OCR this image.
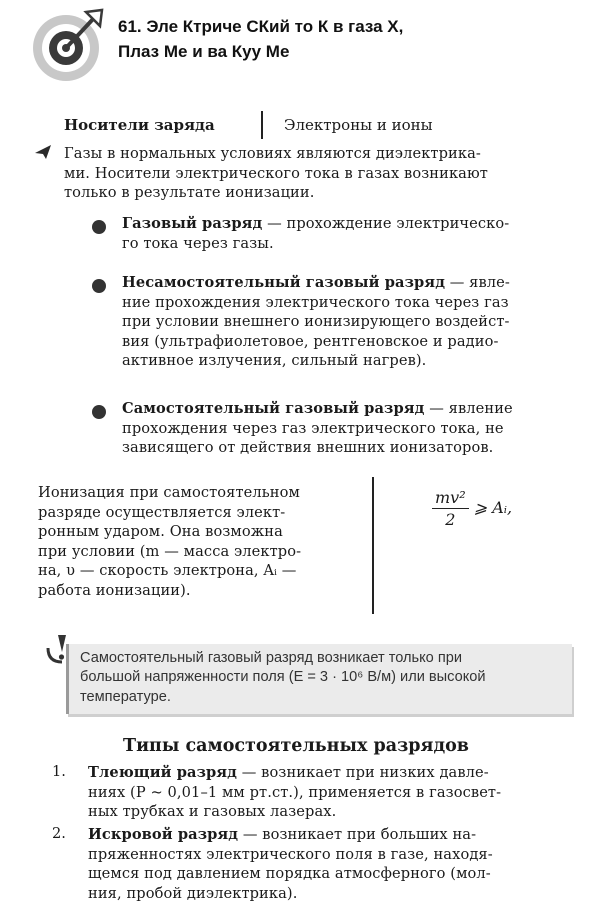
61. Эле Ктриче СКий то К в газа Х,
Плаз Ме и ва Куу Ме
Носители заряда	Электроны и ионы
Газы в нормальных условиях являются диэлектрика-
ми. Носители электрического тока в газах возникают
только в результате ионизации.
Газовый разряд — прохождение электрическо-
го тока через газы.
Несамостоятельный газовый разряд — явле-
ние прохождения электрического тока через газ
при условии внешнего ионизирующего воздейст-
вия (ультрафиолетовое, рентгеновское и радио-
активное излучения, сильный нагрев).
Самостоятельный газовый разряд — явление
прохождения через газ электрического тока, не
зависящего от действия внешних ионизаторов.
Ионизация при самостоятельном
разряде осуществляется элект-
ронным ударом. Она возможна
при условии (m — масса электро-
на, υ — скорость электрона, Aᵢ —
работа ионизации).
$\frac{\text{mv²}}{2}$ ⩾ Aᵢ,
Самостоятельный газовый разряд возникает только при
большой напряженности поля (E = 3 · 10⁶ В/м) или высокой
температуре.
Типы самостоятельных разрядов
1. Тлеющий разряд — возникает при низких давле-
ниях (P ~ 0,01–1 мм рт.ст.), применяется в газосвет-
ных трубках и газовых лазерах.
2. Искровой разряд — возникает при больших на-
пряженностях электрического поля в газе, находя-
щемся под давлением порядка атмосферного (мол-
ния, пробой диэлектрика).
